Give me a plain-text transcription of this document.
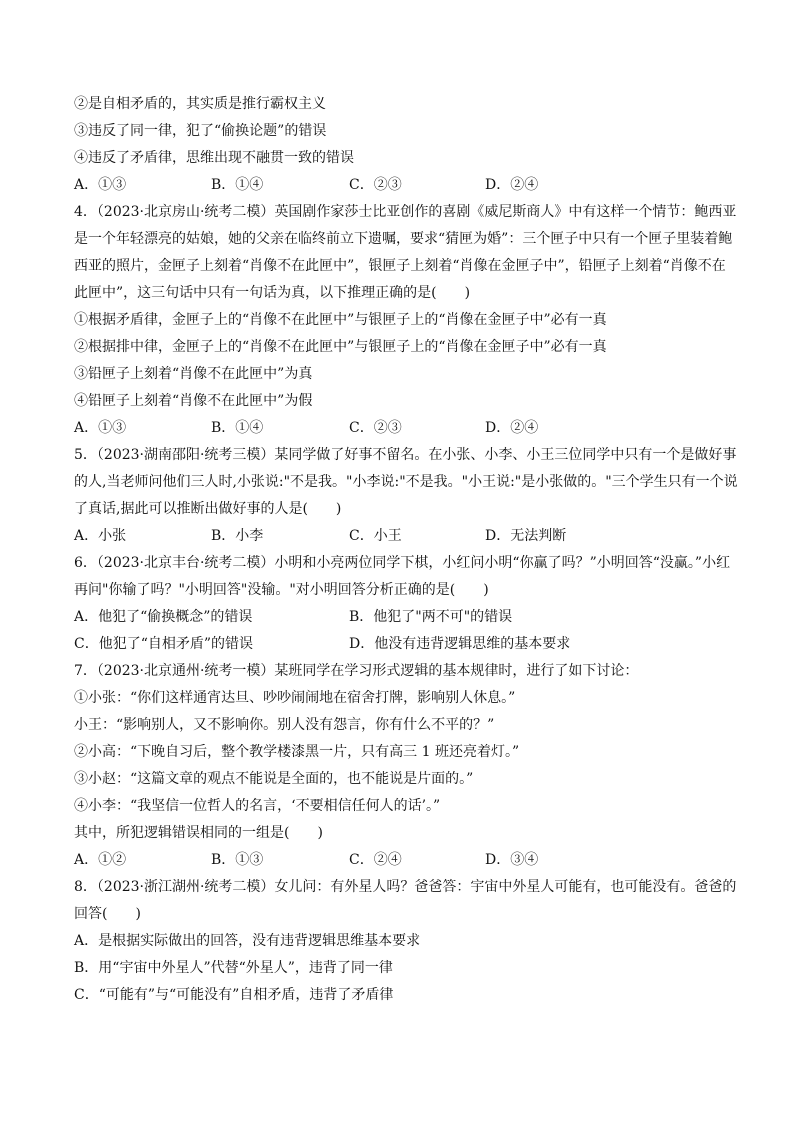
②是自相矛盾的，其实质是推行霸权主义
③违反了同一律，犯了“偷换论题”的错误
④违反了矛盾律，思维出现不融贯一致的错误
A．①③	B．①④	C．②③	D．②④
4．（2023·北京房山·统考二模）英国剧作家莎士比亚创作的喜剧《威尼斯商人》中有这样一个情节：鲍西亚
是一个年轻漂亮的姑娘，她的父亲在临终前立下遗嘱，要求“猜匣为婚”：三个匣子中只有一个匣子里装着鲍
西亚的照片，金匣子上刻着“肖像不在此匣中”，银匣子上刻着“肖像在金匣子中”，铅匣子上刻着“肖像不在
此匣中”，这三句话中只有一句话为真，以下推理正确的是(　　)
①根据矛盾律，金匣子上的“肖像不在此匣中”与银匣子上的“肖像在金匣子中”必有一真
②根据排中律，金匣子上的“肖像不在此匣中”与银匣子上的“肖像在金匣子中”必有一真
③铅匣子上刻着“肖像不在此匣中”为真
④铅匣子上刻着“肖像不在此匣中”为假
A．①③	B．①④	C．②③	D．②④
5．（2023·湖南邵阳·统考三模）某同学做了好事不留名。在小张、小李、小王三位同学中只有一个是做好事
的人,当老师问他们三人时,小张说:"不是我。"小李说:"不是我。"小王说:"是小张做的。"三个学生只有一个说
了真话,据此可以推断出做好事的人是(　　)
A．小张	B．小李	C．小王	D．无法判断
6．（2023·北京丰台·统考二模）小明和小亮两位同学下棋，小红问小明“你赢了吗？”小明回答“没赢。”小红
再问"你输了吗？"小明回答"没输。"对小明回答分析正确的是(　　)
A．他犯了“偷换概念”的错误	B．他犯了"两不可"的错误
C．他犯了“自相矛盾”的错误	D．他没有违背逻辑思维的基本要求
7．（2023·北京通州·统考一模）某班同学在学习形式逻辑的基本规律时，进行了如下讨论：
①小张：“你们这样通宵达旦、吵吵闹闹地在宿舍打牌，影响别人休息。”
小王：“影响别人，又不影响你。别人没有怨言，你有什么不平的？”
②小高：“下晚自习后，整个教学楼漆黑一片，只有高三 1 班还亮着灯。”
③小赵：“这篇文章的观点不能说是全面的，也不能说是片面的。”
④小李：“我坚信一位哲人的名言，‘不要相信任何人的话’。”
其中，所犯逻辑错误相同的一组是(　　)
A．①②	B．①③	C．②④	D．③④
8．（2023·浙江湖州·统考二模）女儿问：有外星人吗？爸爸答：宇宙中外星人可能有，也可能没有。爸爸的
回答(　　)
A．是根据实际做出的回答，没有违背逻辑思维基本要求
B．用“宇宙中外星人”代替“外星人”，违背了同一律
C．“可能有”与“可能没有”自相矛盾，违背了矛盾律
